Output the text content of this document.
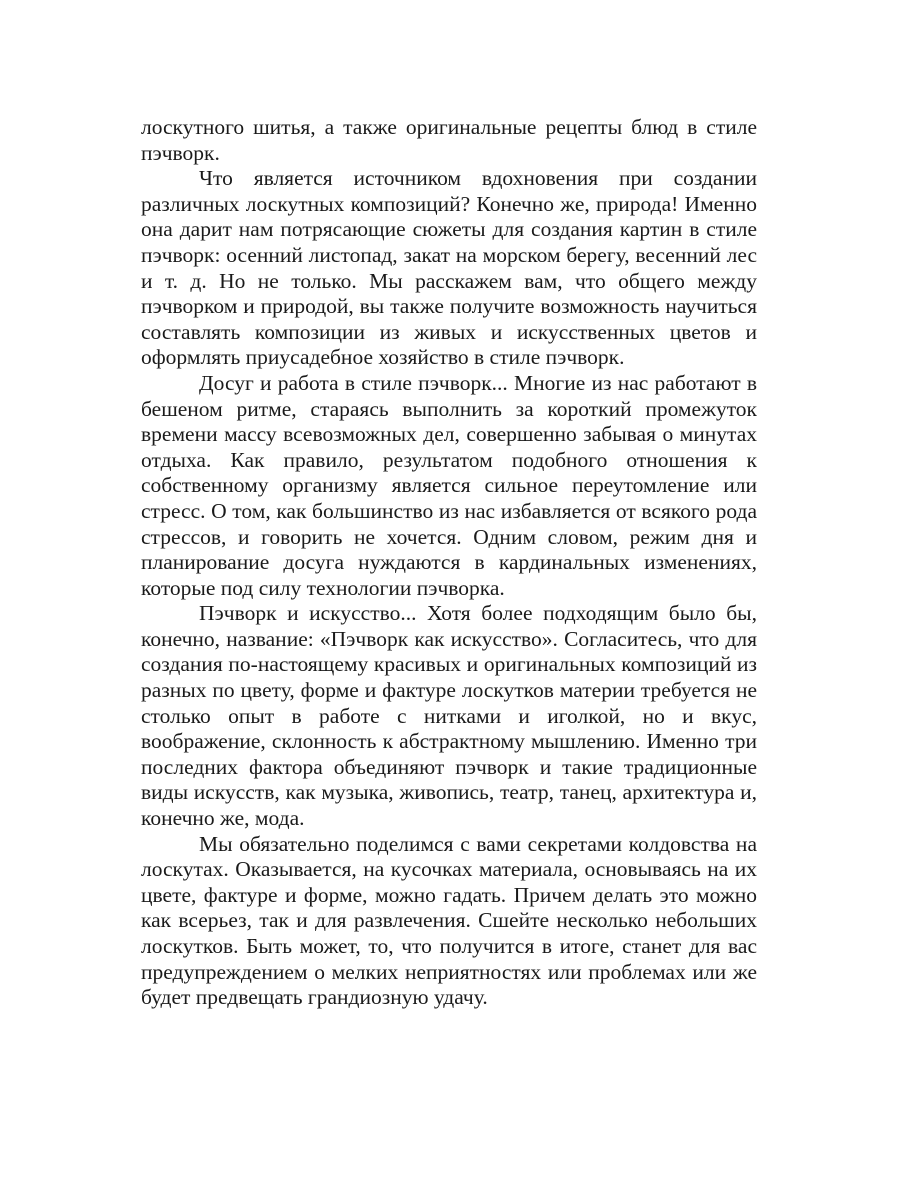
лоскутного шитья, а также оригинальные рецепты блюд в стиле пэчворк.

Что является источником вдохновения при создании различных лоскутных композиций? Конечно же, природа! Именно она дарит нам потрясающие сюжеты для создания картин в стиле пэчворк: осенний листопад, закат на морском берегу, весенний лес и т. д. Но не только. Мы расскажем вам, что общего между пэчворком и природой, вы также получите возможность научиться составлять композиции из живых и искусственных цветов и оформлять приусадебное хозяйство в стиле пэчворк.

Досуг и работа в стиле пэчворк... Многие из нас работают в бешеном ритме, стараясь выполнить за короткий промежуток времени массу всевозможных дел, совершенно забывая о минутах отдыха. Как правило, результатом подобного отношения к собственному организму является сильное переутомление или стресс. О том, как большинство из нас избавляется от всякого рода стрессов, и говорить не хочется. Одним словом, режим дня и планирование досуга нуждаются в кардинальных изменениях, которые под силу технологии пэчворка.

Пэчворк и искусство... Хотя более подходящим было бы, конечно, название: «Пэчворк как искусство». Согласитесь, что для создания по-настоящему красивых и оригинальных композиций из разных по цвету, форме и фактуре лоскутков материи требуется не столько опыт в работе с нитками и иголкой, но и вкус, воображение, склонность к абстрактному мышлению. Именно три последних фактора объединяют пэчворк и такие традиционные виды искусств, как музыка, живопись, театр, танец, архитектура и, конечно же, мода.

Мы обязательно поделимся с вами секретами колдовства на лоскутах. Оказывается, на кусочках материала, основываясь на их цвете, фактуре и форме, можно гадать. Причем делать это можно как всерьез, так и для развлечения. Сшейте несколько небольших лоскутков. Быть может, то, что получится в итоге, станет для вас предупреждением о мелких неприятностях или проблемах или же будет предвещать грандиозную удачу.
